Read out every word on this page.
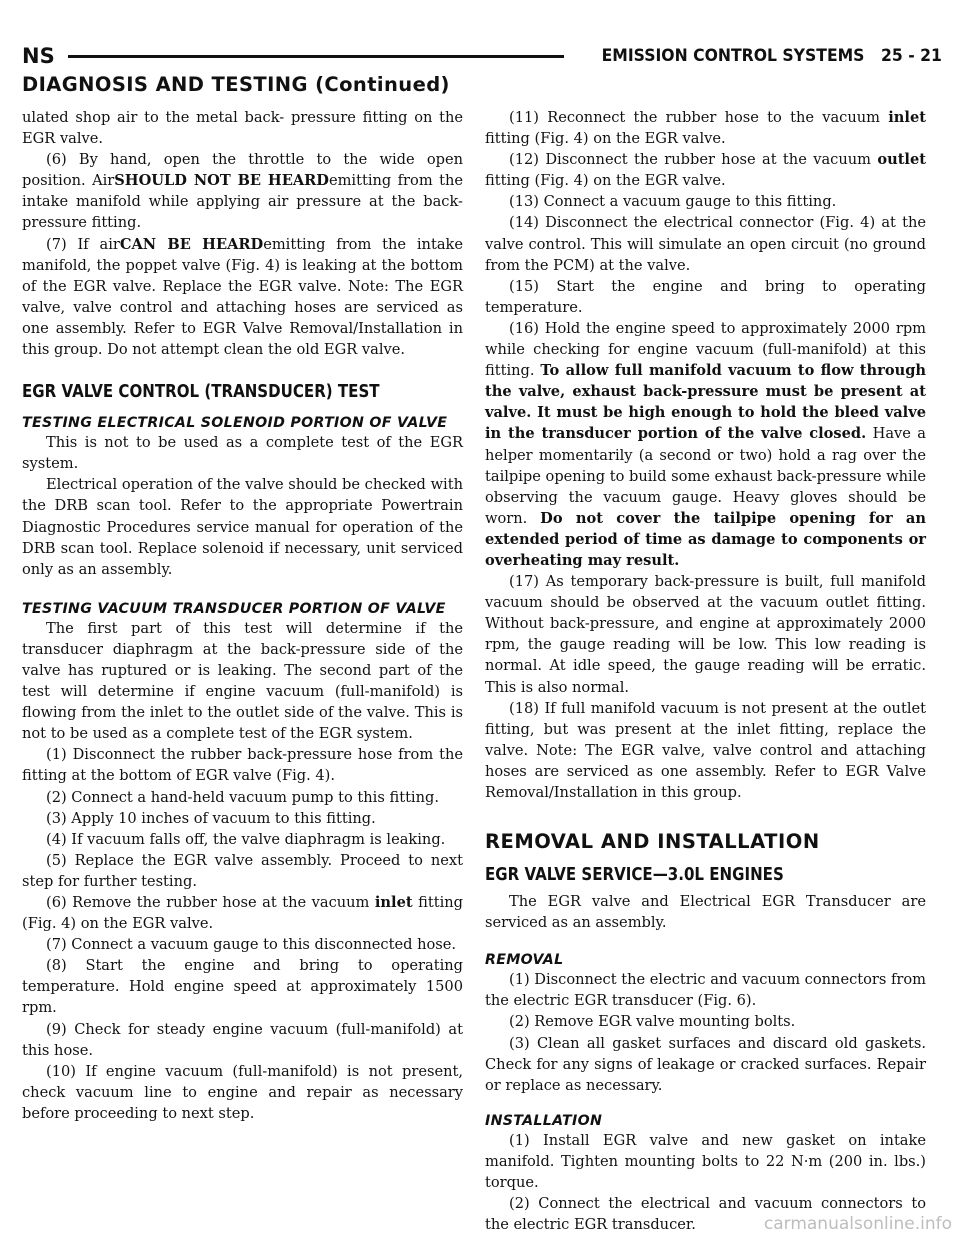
NS	EMISSION CONTROL SYSTEMS 25 - 21
DIAGNOSIS AND TESTING (Continued)

ulated shop air to the metal back- pressure fitting on the EGR valve.

(6) By hand, open the throttle to the wide open position. AirSHOULD NOT BE HEARDemitting from the intake manifold while applying air pressure at the back-pressure fitting.

(7) If airCAN BE HEARDemitting from the intake manifold, the poppet valve (Fig. 4) is leaking at the bottom of the EGR valve. Replace the EGR valve. Note: The EGR valve, valve control and attaching hoses are serviced as one assembly. Refer to EGR Valve Removal/Installation in this group. Do not attempt clean the old EGR valve.

EGR VALVE CONTROL (TRANSDUCER) TEST
TESTING ELECTRICAL SOLENOID PORTION OF VALVE

This is not to be used as a complete test of the EGR system.

Electrical operation of the valve should be checked with the DRB scan tool. Refer to the appropriate Powertrain Diagnostic Procedures service manual for operation of the DRB scan tool. Replace solenoid if necessary, unit serviced only as an assembly.

TESTING VACUUM TRANSDUCER PORTION OF VALVE

The first part of this test will determine if the transducer diaphragm at the back-pressure side of the valve has ruptured or is leaking. The second part of the test will determine if engine vacuum (full-manifold) is flowing from the inlet to the outlet side of the valve. This is not to be used as a complete test of the EGR system.

(1) Disconnect the rubber back-pressure hose from the fitting at the bottom of EGR valve (Fig. 4).

(2) Connect a hand-held vacuum pump to this fitting.

(3) Apply 10 inches of vacuum to this fitting.

(4) If vacuum falls off, the valve diaphragm is leaking.

(5) Replace the EGR valve assembly. Proceed to next step for further testing.

(6) Remove the rubber hose at the vacuum inlet fitting (Fig. 4) on the EGR valve.

(7) Connect a vacuum gauge to this disconnected hose.

(8) Start the engine and bring to operating temperature. Hold engine speed at approximately 1500 rpm.

(9) Check for steady engine vacuum (full-manifold) at this hose.

(10) If engine vacuum (full-manifold) is not present, check vacuum line to engine and repair as necessary before proceeding to next step.

(11) Reconnect the rubber hose to the vacuum inlet fitting (Fig. 4) on the EGR valve.

(12) Disconnect the rubber hose at the vacuum outlet fitting (Fig. 4) on the EGR valve.

(13) Connect a vacuum gauge to this fitting.

(14) Disconnect the electrical connector (Fig. 4) at the valve control. This will simulate an open circuit (no ground from the PCM) at the valve.

(15) Start the engine and bring to operating temperature.

(16) Hold the engine speed to approximately 2000 rpm while checking for engine vacuum (full-manifold) at this fitting. To allow full manifold vacuum to flow through the valve, exhaust back-pressure must be present at valve. It must be high enough to hold the bleed valve in the transducer portion of the valve closed. Have a helper momentarily (a second or two) hold a rag over the tailpipe opening to build some exhaust back-pressure while observing the vacuum gauge. Heavy gloves should be worn. Do not cover the tailpipe opening for an extended period of time as damage to components or overheating may result.

(17) As temporary back-pressure is built, full manifold vacuum should be observed at the vacuum outlet fitting. Without back-pressure, and engine at approximately 2000 rpm, the gauge reading will be low. This low reading is normal. At idle speed, the gauge reading will be erratic. This is also normal.

(18) If full manifold vacuum is not present at the outlet fitting, but was present at the inlet fitting, replace the valve. Note: The EGR valve, valve control and attaching hoses are serviced as one assembly. Refer to EGR Valve Removal/Installation in this group.

REMOVAL AND INSTALLATION
EGR VALVE SERVICE—3.0L ENGINES

The EGR valve and Electrical EGR Transducer are serviced as an assembly.

REMOVAL

(1) Disconnect the electric and vacuum connectors from the electric EGR transducer (Fig. 6).

(2) Remove EGR valve mounting bolts.

(3) Clean all gasket surfaces and discard old gaskets. Check for any signs of leakage or cracked surfaces. Repair or replace as necessary.

INSTALLATION

(1) Install EGR valve and new gasket on intake manifold. Tighten mounting bolts to 22 N·m (200 in. lbs.) torque.

(2) Connect the electrical and vacuum connectors to the electric EGR transducer.	carmanualsonline.info
